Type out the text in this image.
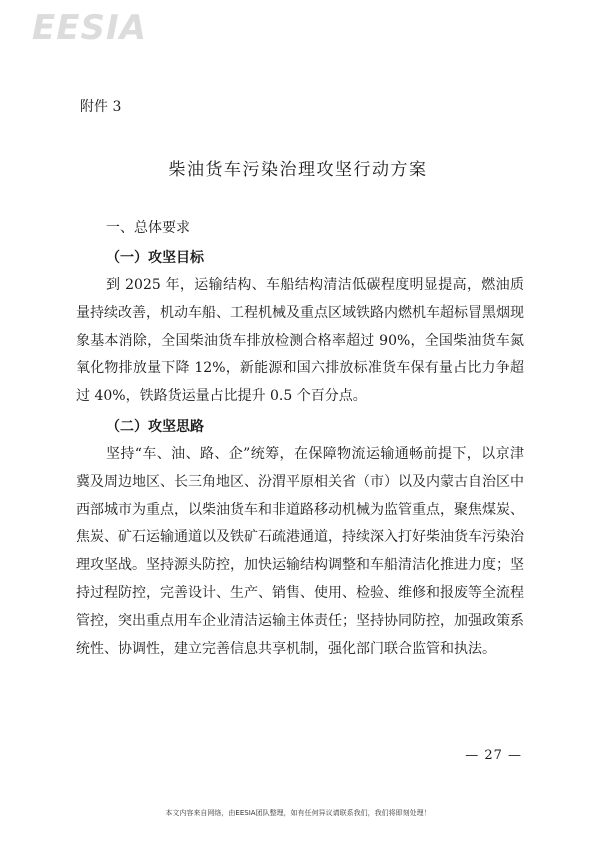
EESIA
附件 3
柴油货车污染治理攻坚行动方案
一、总体要求
（一）攻坚目标
到 2025 年，运输结构、车船结构清洁低碳程度明显提高，燃油质量持续改善，机动车船、工程机械及重点区域铁路内燃机车超标冒黑烟现象基本消除，全国柴油货车排放检测合格率超过 90%，全国柴油货车氮氧化物排放量下降 12%，新能源和国六排放标准货车保有量占比力争超过 40%，铁路货运量占比提升 0.5 个百分点。
（二）攻坚思路
坚持“车、油、路、企”统筹，在保障物流运输通畅前提下，以京津冀及周边地区、长三角地区、汾渭平原相关省（市）以及内蒙古自治区中西部城市为重点，以柴油货车和非道路移动机械为监管重点，聚焦煤炭、焦炭、矿石运输通道以及铁矿石疏港通道，持续深入打好柴油货车污染治理攻坚战。坚持源头防控，加快运输结构调整和车船清洁化推进力度；坚持过程防控，完善设计、生产、销售、使用、检验、维修和报废等全流程管控，突出重点用车企业清洁运输主体责任；坚持协同防控，加强政策系统性、协调性，建立完善信息共享机制，强化部门联合监管和执法。
— 27 —
本文内容来自网络，由EESIA团队整理，如有任何异议请联系我们，我们将即刻处理！
